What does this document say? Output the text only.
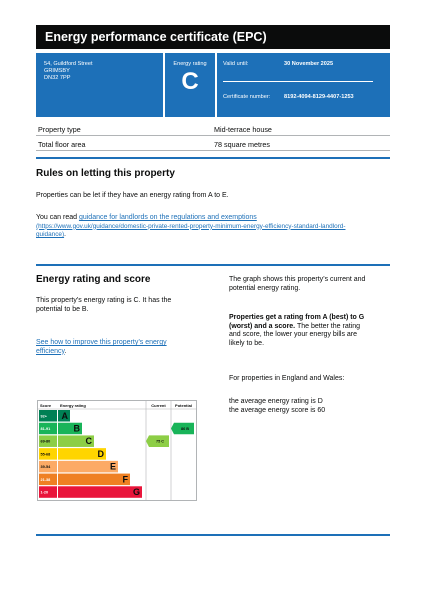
Energy performance certificate (EPC)
54, Guildford Street
GRIMSBY
DN32 7PP
Energy rating
C
Valid until:	30 November 2025
Certificate number: 8192-4094-8129-4407-1253
Property type	Mid-terrace house
Total floor area	78 square metres
Rules on letting this property
Properties can be let if they have an energy rating from A to E.
You can read guidance for landlords on the regulations and exemptions
(https://www.gov.uk/guidance/domestic-private-rented-property-minimum-energy-efficiency-standard-landlord-
guidance).
Energy rating and score
This property’s energy rating is C. It has the
potential to be B.
See how to improve this property’s energy
efficiency.
The graph shows this property’s current and
potential energy rating.
Properties get a rating from A (best) to G
(worst) and a score. The better the rating
and score, the lower your energy bills are
likely to be.
For properties in England and Wales:
the average energy rating is D
the average energy score is 60
Score Energy rating	Current Potential
92+ A
81-91	B
69-80	C
55-68	D
39-54	E
21-38	F
1-20	G
75 C
86 B
